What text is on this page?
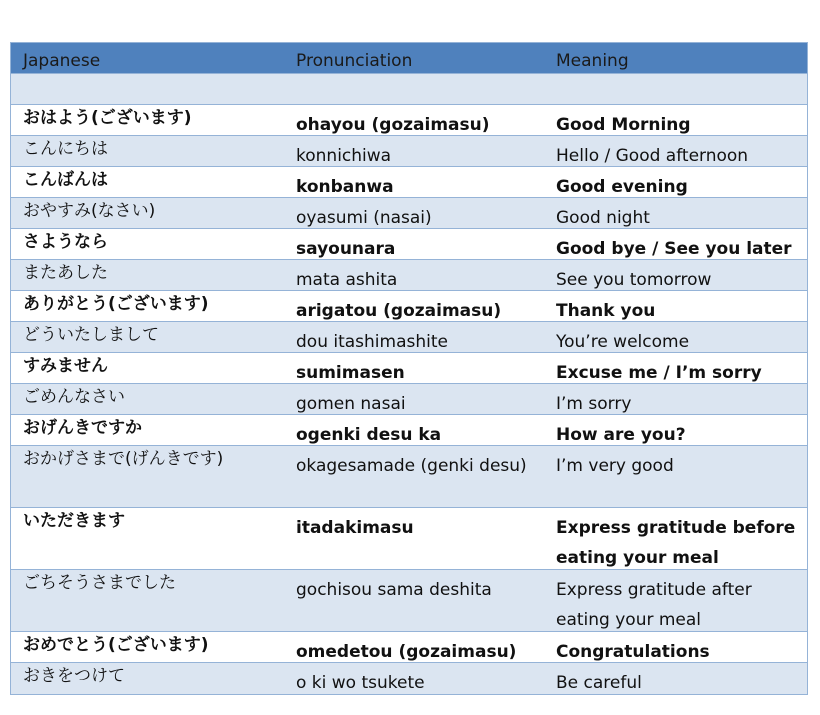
Japanese	Pronunciation	Meaning
おはよう(ございます)	ohayou (gozaimasu)	Good Morning
こんにちは	konnichiwa	Hello / Good afternoon
こんばんは	konbanwa	Good evening
おやすみ(なさい)	oyasumi (nasai)	Good night
さようなら	sayounara	Good bye / See you later
またあした	mata ashita	See you tomorrow
ありがとう(ございます)	arigatou (gozaimasu)	Thank you
どういたしまして	dou itashimashite	You’re welcome
すみません	sumimasen	Excuse me / I’m sorry
ごめんなさい	gomen nasai	I’m sorry
おげんきですか	ogenki desu ka	How are you?
おかげさまで(げんきです)	okagesamade (genki desu)	I’m very good
いただきます	itadakimasu	Express gratitude before eating your meal
ごちそうさまでした	gochisou sama deshita	Express gratitude after eating your meal
おめでとう(ございます)	omedetou (gozaimasu)	Congratulations
おきをつけて	o ki wo tsukete	Be careful
